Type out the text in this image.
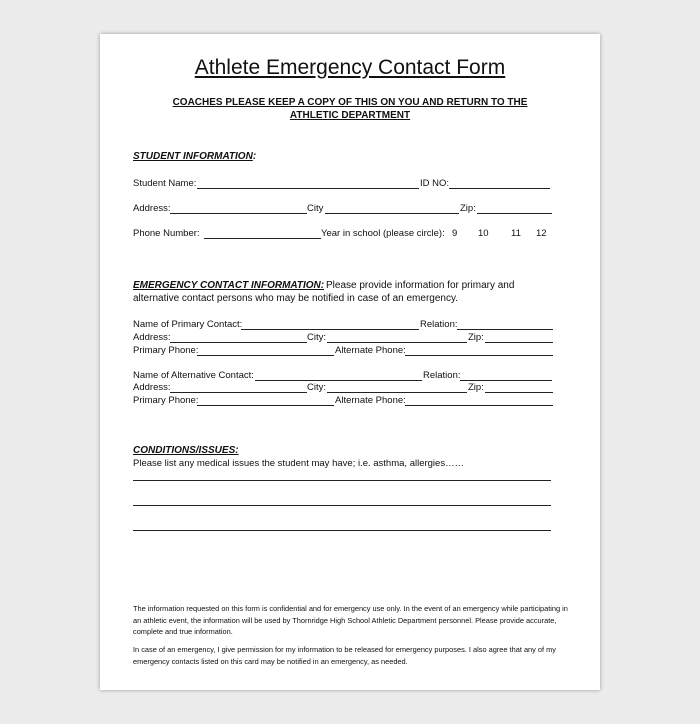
Athlete Emergency Contact Form
COACHES PLEASE KEEP A COPY OF THIS ON YOU AND RETURN TO THE ATHLETIC DEPARTMENT
STUDENT INFORMATION:
Student Name:	ID NO:
Address:	City	Zip:
Phone Number:	Year in school (please circle): 9 10 11 12
EMERGENCY CONTACT INFORMATION: Please provide information for primary and
alternative contact persons who may be notified in case of an emergency.
Name of Primary Contact:	Relation:
Address:	City:	Zip:
Primary Phone:	Alternate Phone:
Name of Alternative Contact:	Relation:
Address:	City:	Zip:
Primary Phone:	Alternate Phone:
CONDITIONS/ISSUES:
Please list any medical issues the student may have; i.e. asthma, allergies……
The information requested on this form is confidential and for emergency use only. In the event of an emergency while participating in an athletic event, the information will be used by Thornridge High School Athletic Department personnel. Please provide accurate, complete and true information.
In case of an emergency, I give permission for my information to be released for emergency purposes. I also agree that any of my emergency contacts listed on this card may be notified in an emergency, as needed.
